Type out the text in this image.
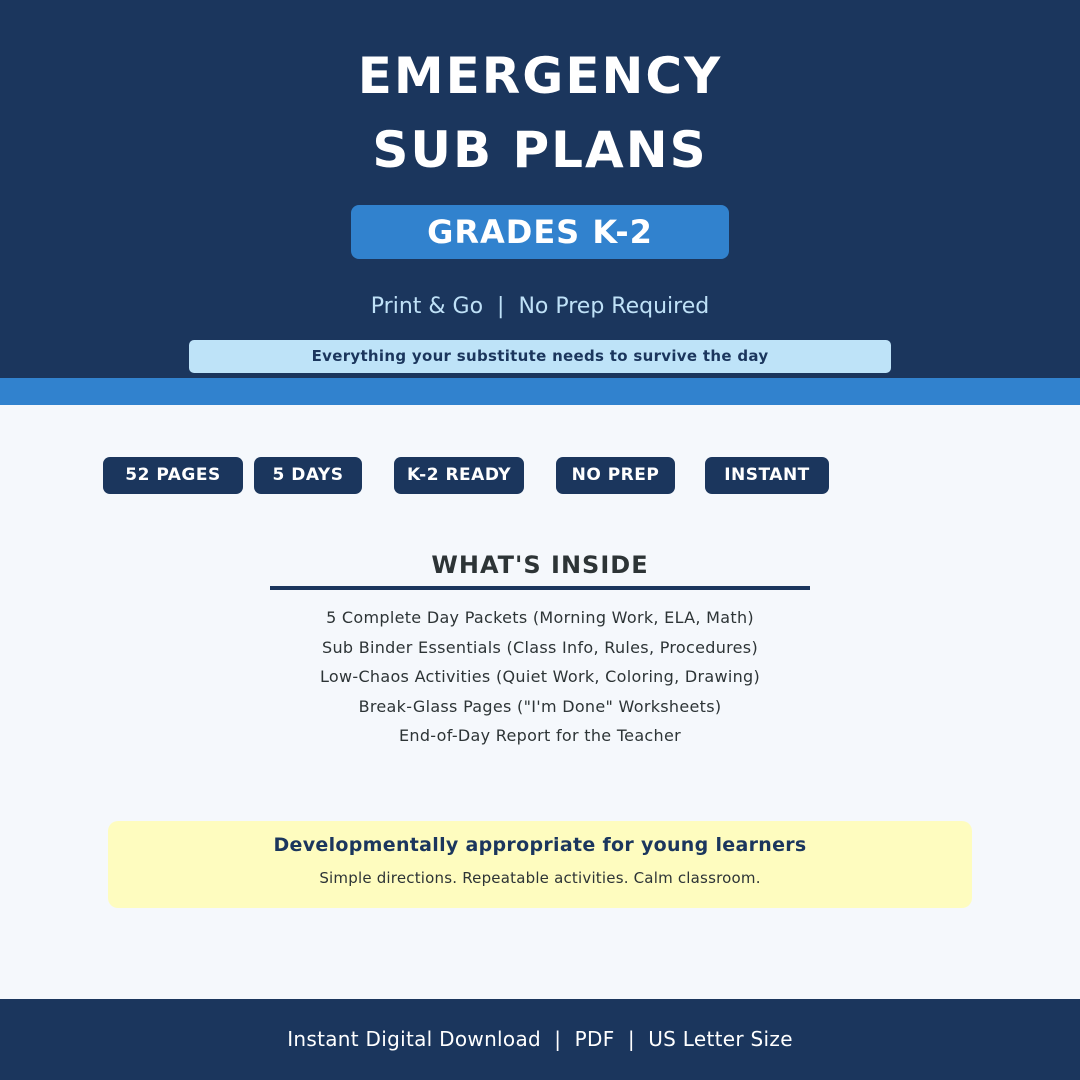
EMERGENCY
SUB PLANS
GRADES K-2
Print & Go  |  No Prep Required
Everything your substitute needs to survive the day
52 PAGES	5 DAYS	K-2 READY	NO PREP	INSTANT
WHAT'S INSIDE
5 Complete Day Packets (Morning Work, ELA, Math)
Sub Binder Essentials (Class Info, Rules, Procedures)
Low-Chaos Activities (Quiet Work, Coloring, Drawing)
Break-Glass Pages ("I'm Done" Worksheets)
End-of-Day Report for the Teacher
Developmentally appropriate for young learners
Simple directions. Repeatable activities. Calm classroom.
Instant Digital Download  |  PDF  |  US Letter Size
